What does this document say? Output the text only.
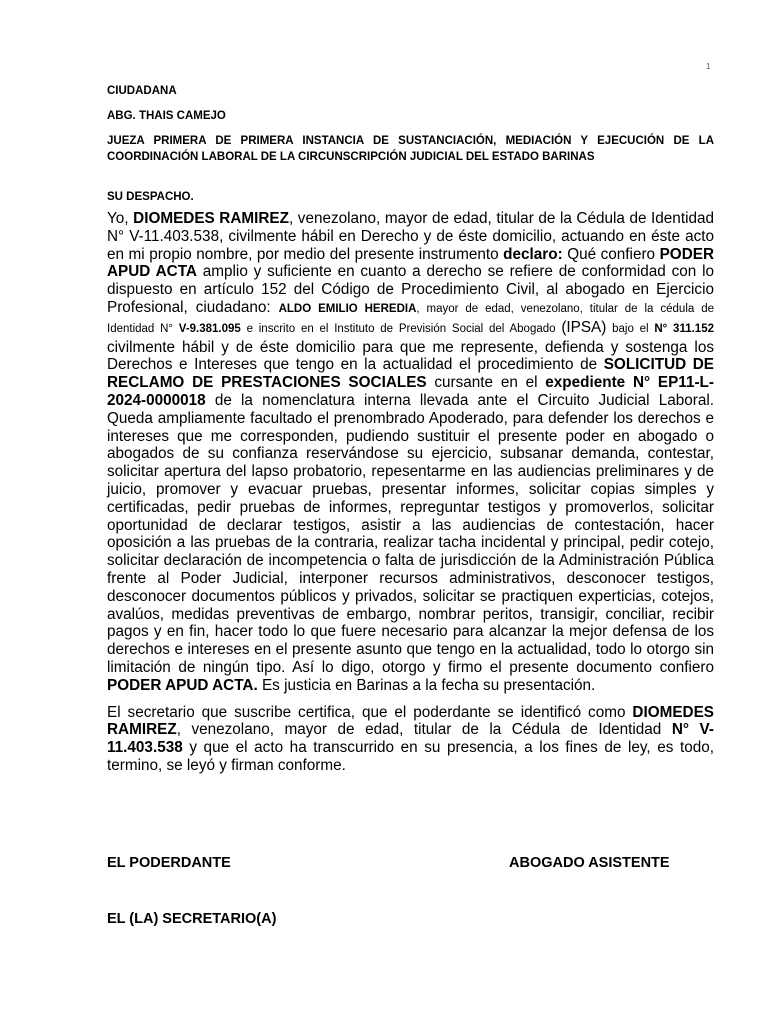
1
CIUDADANA
ABG. THAIS CAMEJO
JUEZA PRIMERA DE PRIMERA INSTANCIA DE SUSTANCIACIÓN, MEDIACIÓN Y EJECUCIÓN DE LA COORDINACIÓN LABORAL DE LA CIRCUNSCRIPCIÓN JUDICIAL DEL ESTADO BARINAS
SU DESPACHO.

Yo, DIOMEDES RAMIREZ, venezolano, mayor de edad, titular de la Cédula de Identidad N° V-11.403.538, civilmente hábil en Derecho y de éste domicilio, actuando en éste acto en mi propio nombre, por medio del presente instrumento declaro: Qué confiero PODER APUD ACTA amplio y suficiente en cuanto a derecho se refiere de conformidad con lo dispuesto en artículo 152 del Código de Procedimiento Civil, al abogado en Ejercicio Profesional, ciudadano: ALDO EMILIO HEREDIA, mayor de edad, venezolano, titular de la cédula de Identidad N° V-9.381.095 e inscrito en el Instituto de Previsión Social del Abogado (IPSA) bajo el N° 311.152 civilmente hábil y de éste domicilio para que me represente, defienda y sostenga los Derechos e Intereses que tengo en la actualidad el procedimiento de SOLICITUD DE RECLAMO DE PRESTACIONES SOCIALES cursante en el expediente N° EP11-L-2024-0000018 de la nomenclatura interna llevada ante el Circuito Judicial Laboral. Queda ampliamente facultado el prenombrado Apoderado, para defender los derechos e intereses que me corresponden, pudiendo sustituir el presente poder en abogado o abogados de su confianza reservándose su ejercicio, subsanar demanda, contestar, solicitar apertura del lapso probatorio, repesentarme en las audiencias preliminares y de juicio, promover y evacuar pruebas, presentar informes, solicitar copias simples y certificadas, pedir pruebas de informes, repreguntar testigos y promoverlos, solicitar oportunidad de declarar testigos, asistir a las audiencias de contestación, hacer oposición a las pruebas de la contraria, realizar tacha incidental y principal, pedir cotejo, solicitar declaración de incompetencia o falta de jurisdicción de la Administración Pública frente al Poder Judicial, interponer recursos administrativos, desconocer testigos, desconocer documentos públicos y privados, solicitar se practiquen experticias, cotejos, avalúos, medidas preventivas de embargo, nombrar peritos, transigir, conciliar, recibir pagos y en fin, hacer todo lo que fuere necesario para alcanzar la mejor defensa de los derechos e intereses en el presente asunto que tengo en la actualidad, todo lo otorgo sin limitación de ningún tipo. Así lo digo, otorgo y firmo el presente documento confiero PODER APUD ACTA. Es justicia en Barinas a la fecha su presentación.

El secretario que suscribe certifica, que el poderdante se identificó como DIOMEDES RAMIREZ, venezolano, mayor de edad, titular de la Cédula de Identidad N° V-11.403.538 y que el acto ha transcurrido en su presencia, a los fines de ley, es todo, termino, se leyó y firman conforme.

EL PODERDANTE	ABOGADO ASISTENTE
EL (LA) SECRETARIO(A)
